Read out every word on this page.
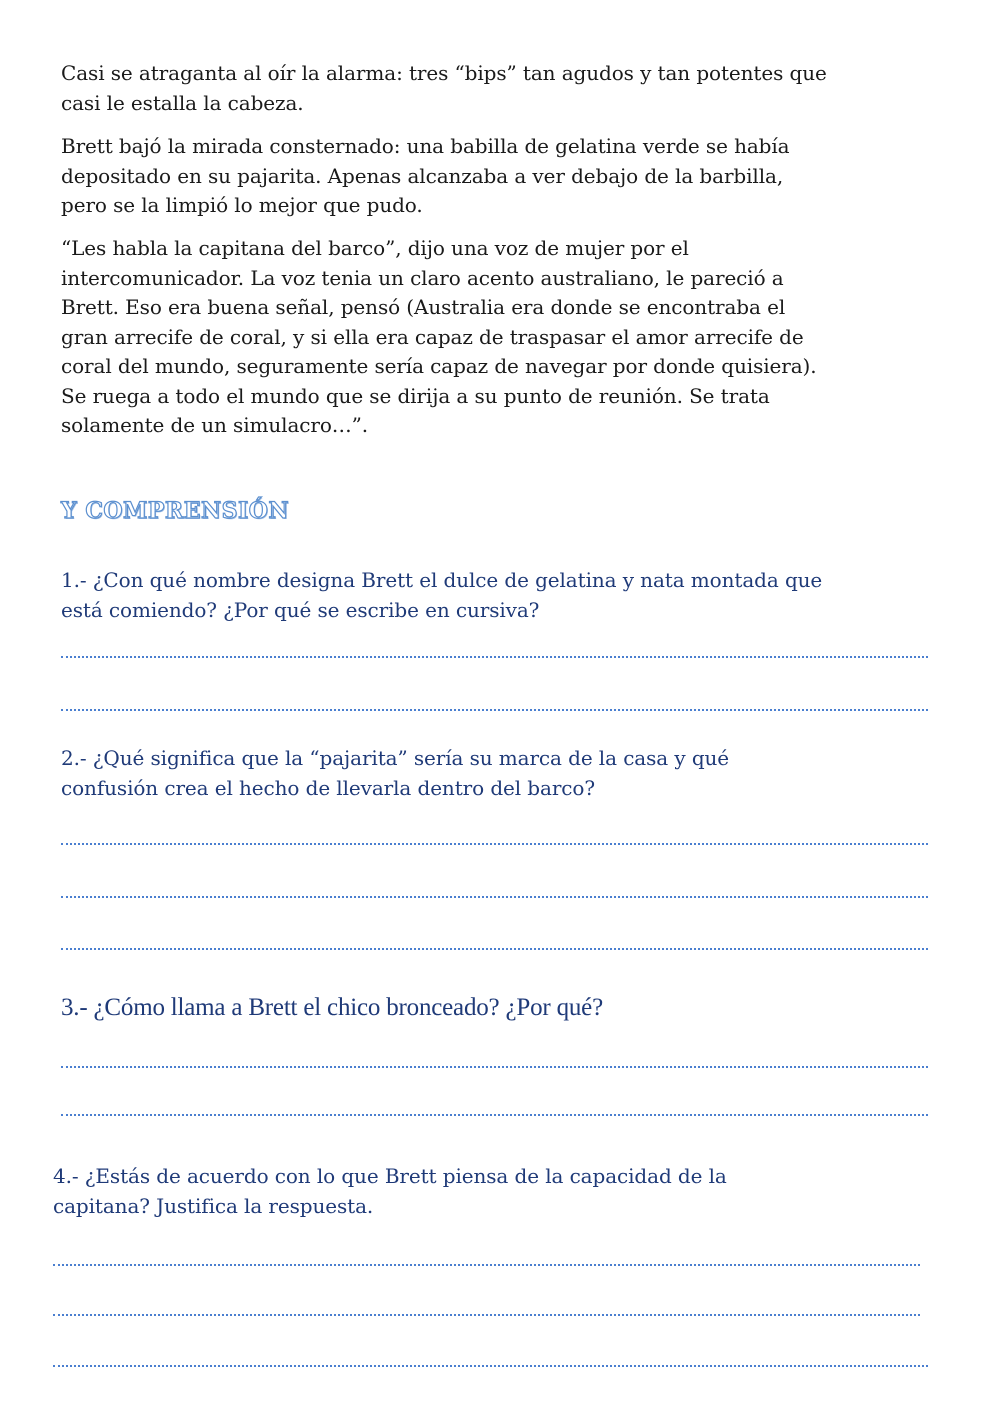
Casi se atraganta al oír la alarma: tres “bips” tan agudos y tan potentes que
casi le estalla la cabeza.

Brett bajó la mirada consternado: una babilla de gelatina verde se había
depositado en su pajarita. Apenas alcanzaba a ver debajo de la barbilla,
pero se la limpió lo mejor que pudo.

“Les habla la capitana del barco”, dijo una voz de mujer por el
intercomunicador. La voz tenia un claro acento australiano, le pareció a
Brett. Eso era buena señal, pensó (Australia era donde se encontraba el
gran arrecife de coral, y si ella era capaz de traspasar el amor arrecife de
coral del mundo, seguramente sería capaz de navegar por donde quisiera).
Se ruega a todo el mundo que se dirija a su punto de reunión. Se trata
solamente de un simulacro…”.

Y COMPRENSIÓN

1.- ¿Con qué nombre designa Brett el dulce de gelatina y nata montada que
está comiendo? ¿Por qué se escribe en cursiva?

2.- ¿Qué significa que la “pajarita” sería su marca de la casa y qué
confusión crea el hecho de llevarla dentro del barco?

3.- ¿Cómo llama a Brett el chico bronceado? ¿Por qué?

4.- ¿Estás de acuerdo con lo que Brett piensa de la capacidad de la
capitana? Justifica la respuesta.
